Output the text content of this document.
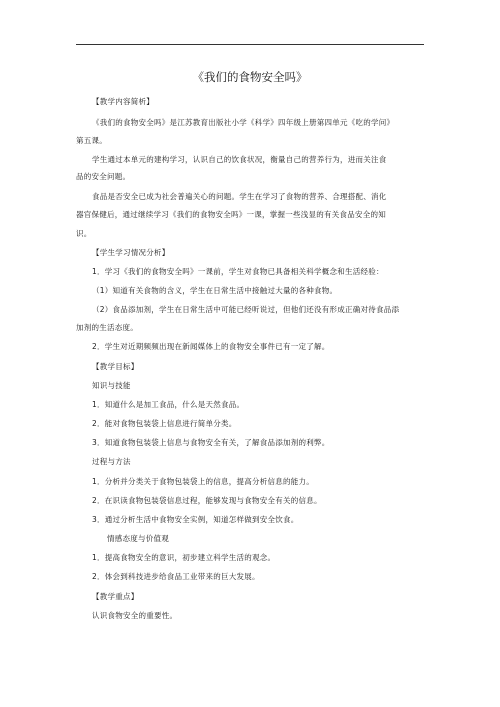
《我们的食物安全吗》
【教学内容简析】
《我们的食物安全吗》是江苏教育出版社小学《科学》四年级上册第四单元《吃的学问》
第五课。
学生通过本单元的建构学习，认识自己的饮食状况，衡量自己的营养行为，进而关注食
品的安全问题。
食品是否安全已成为社会普遍关心的问题。学生在学习了食物的营养、合理搭配、消化
器官保健后，通过继续学习《我们的食物安全吗》一课，掌握一些浅显的有关食品安全的知
识。
【学生学习情况分析】
1．学习《我们的食物安全吗》一课前，学生对食物已具备相关科学概念和生活经验：
（1）知道有关食物的含义，学生在日常生活中接触过大量的各种食物。
（2）食品添加剂，学生在日常生活中可能已经听说过，但他们还没有形成正确对待食品添
加剂的生活态度。
2．学生对近期频频出现在新闻媒体上的食物安全事件已有一定了解。
【教学目标】
知识与技能
1．知道什么是加工食品，什么是天然食品。
2．能对食物包装袋上信息进行简单分类。
3．知道食物包装袋上信息与食物安全有关，了解食品添加剂的利弊。
过程与方法
1．分析并分类关于食物包装袋上的信息，提高分析信息的能力。
2．在识读食物包装袋信息过程，能够发现与食物安全有关的信息。
3．通过分析生活中食物安全实例，知道怎样做到安全饮食。
情感态度与价值观
1．提高食物安全的意识，初步建立科学生活的观念。
2．体会到科技进步给食品工业带来的巨大发展。
【教学重点】
认识食物安全的重要性。
